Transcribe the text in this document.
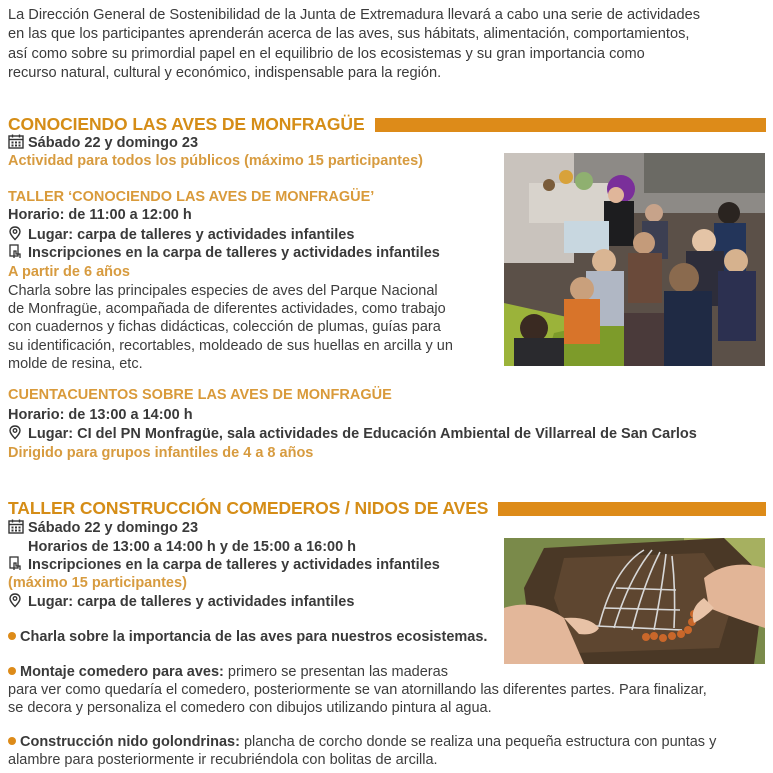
La Dirección General de Sostenibilidad de la Junta de Extremadura llevará a cabo una serie de actividades
en las que los participantes aprenderán acerca de las aves, sus hábitats, alimentación, comportamientos,
así como sobre su primordial papel en el equilibrio de los ecosistemas y su gran importancia como
recurso natural, cultural y económico, indispensable para la región.
CONOCIENDO LAS AVES DE MONFRAGÜE
Sábado 22 y domingo 23
Actividad para todos los públicos (máximo 15 participantes)
TALLER ‘CONOCIENDO LAS AVES DE MONFRAGÜE’
Horario: de 11:00 a 12:00 h
Lugar: carpa de talleres y actividades infantiles
Inscripciones en la carpa de talleres y actividades infantiles
A partir de 6 años
Charla sobre las principales especies de aves del Parque Nacional
de Monfragüe, acompañada de diferentes actividades, como trabajo
con cuadernos y fichas didácticas, colección de plumas, guías para
su identificación, recortables, moldeado de sus huellas en arcilla y un
molde de resina, etc.
CUENTACUENTOS SOBRE LAS AVES DE MONFRAGÜE
Horario: de 13:00 a 14:00 h
Lugar: CI del PN Monfragüe, sala actividades de Educación Ambiental de Villarreal de San Carlos
Dirigido para grupos infantiles de 4 a 8 años
TALLER CONSTRUCCIÓN COMEDEROS / NIDOS DE AVES
Sábado 22 y domingo 23
Horarios de 13:00 a 14:00 h y de 15:00 a 16:00 h
Inscripciones en la carpa de talleres y actividades infantiles
(máximo 15 participantes)
Lugar: carpa de talleres y actividades infantiles
Charla sobre la importancia de las aves para nuestros ecosistemas.
Montaje comedero para aves: primero se presentan las maderas
para ver como quedaría el comedero, posteriormente se van atornillando las diferentes partes. Para finalizar,
se decora y personaliza el comedero con dibujos utilizando pintura al agua.
Construcción nido golondrinas: plancha de corcho donde se realiza una pequeña estructura con puntas y
alambre para posteriormente ir recubriéndola con bolitas de arcilla.
